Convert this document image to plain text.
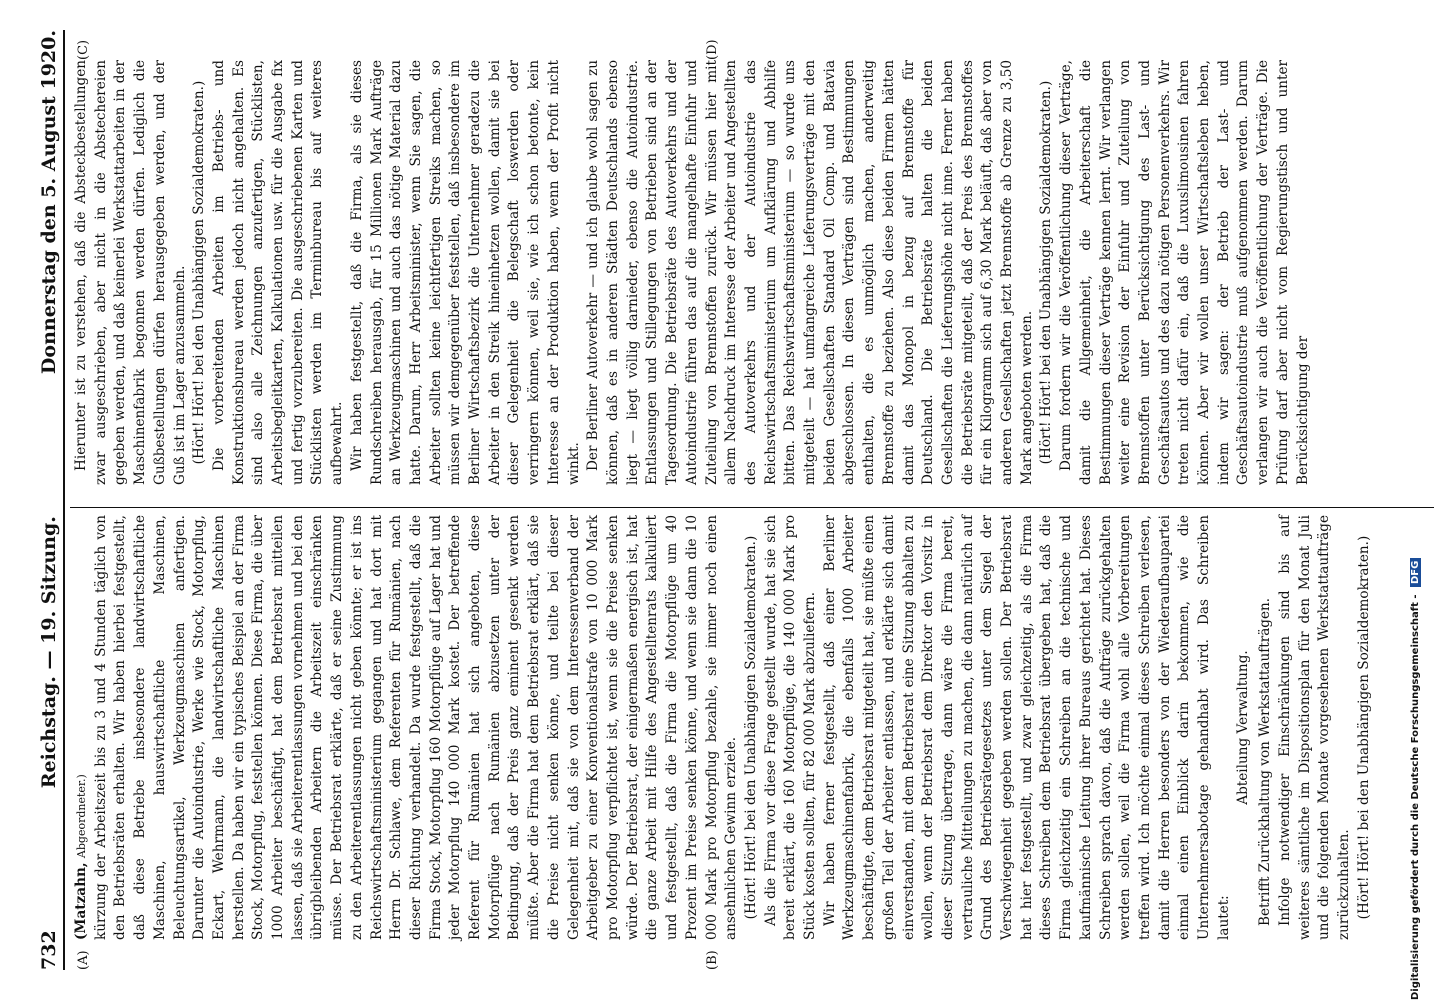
732
Reichstag. — 19. Sitzung.
Donnerstag den 5. August 1920.
(A)	(B)
(C)	(D)

(Matzahn, Abgeordneter.) kürzung der Arbeitszeit bis zu 3 und 4 Stunden täglich von den Betriebsräten erhalten. Wir haben hierbei festgestellt, daß diese Betriebe insbesondere landwirtschaftliche Maschinen, hauswirtschaftliche Maschinen, Beleuchtungsartikel, Werkzeugmaschinen anfertigen. Darunter die Autoindustrie, Werke wie Stock, Motorpflug, Eckart, Wehrmann, die landwirtschaftliche Maschinen herstellen. Da haben wir ein typisches Beispiel an der Firma Stock, Motorpflug, feststellen können. Diese Firma, die über 1000 Arbeiter beschäftigt, hat dem Betriebsrat mitteilen lassen, daß sie Arbeiterentlassungen vornehmen und bei den übrigbleibenden Arbeitern die Arbeitszeit einschränken müsse. Der Betriebsrat erklärte, daß er seine Zustimmung zu den Arbeiterentlassungen nicht geben könnte; er ist ins Reichswirtschaftsministerium gegangen und hat dort mit Herrn Dr. Schlawe, dem Referenten für Rumänien, nach dieser Richtung verhandelt. Da wurde festgestellt, daß die Firma Stock, Motorpflug 160 Motorpflüge auf Lager hat und jeder Motorpflug 140 000 Mark kostet. Der betreffende Referent für Rumänien hat sich angeboten, diese Motorpflüge nach Rumänien abzusetzen unter der Bedingung, daß der Preis ganz eminent gesenkt werden müßte. Aber die Firma hat dem Betriebsrat erklärt, daß sie die Preise nicht senken könne, und teilte bei dieser Gelegenheit mit, daß sie von dem Interessenverband der Arbeitgeber zu einer Konventionalstrafe von 10 000 Mark pro Motorpflug verpflichtet ist, wenn sie die Preise senken würde. Der Betriebsrat, der einigermaßen energisch ist, hat die ganze Arbeit mit Hilfe des Angestelltenrats kalkuliert und festgestellt, daß die Firma die Motorpflüge um 40 Prozent im Preise senken könne, und wenn sie dann die 10 000 Mark pro Motorpflug bezahle, sie immer noch einen ansehnlichen Gewinn erziele. (Hört! Hört! bei den Unabhängigen Sozialdemokraten.) Als die Firma vor diese Frage gestellt wurde, hat sie sich bereit erklärt, die 160 Motorpflüge, die 140 000 Mark pro Stück kosten sollten, für 82 000 Mark abzuliefern. Wir haben ferner festgestellt, daß einer Berliner Werkzeugmaschinenfabrik, die ebenfalls 1000 Arbeiter beschäftigte, dem Betriebsrat mitgeteilt hat, sie müßte einen großen Teil der Arbeiter entlassen, und erklärte sich damit einverstanden, mit dem Betriebsrat eine Sitzung abhalten zu wollen, wenn der Betriebsrat dem Direktor den Vorsitz in dieser Sitzung übertrage, dann wäre die Firma bereit, vertrauliche Mitteilungen zu machen, die dann natürlich auf Grund des Betriebsrätegesetzes unter dem Siegel der Verschwiegenheit gegeben werden sollen. Der Betriebsrat hat hier festgestellt, und zwar gleichzeitig, als die Firma dieses Schreiben dem Betriebsrat übergeben hat, daß die Firma gleichzeitig ein Schreiben an die technische und kaufmännische Leitung ihrer Bureaus gerichtet hat. Dieses Schreiben sprach davon, daß die Aufträge zurückgehalten werden sollen, weil die Firma wohl alle Vorbereitungen treffen wird. Ich möchte einmal dieses Schreiben verlesen, damit die Herren besonders von der Wiederaufbaupartei einmal einen Einblick darin bekommen, wie die Unternehmersabotage gehandhabt wird. Das Schreiben lautet:

Abteilung Verwaltung. Betrifft Zurückhaltung von Werkstattaufträgen. Infolge notwendiger Einschränkungen sind bis auf weiteres sämtliche im Dispositionsplan für den Monat Juli und die folgenden Monate vorgesehenen Werkstattaufträge zurückzuhalten. (Hört! Hört! bei den Unabhängigen Sozialdemokraten.)

Hierunter ist zu verstehen, daß die Absteckbestellungen zwar ausgeschrieben, aber nicht in die Abstechereien gegeben werden, und daß keinerlei Werkstattarbeiten in der Maschinenfabrik begonnen werden dürfen. Lediglich die Gußbestellungen dürfen herausgegeben werden, und der Guß ist im Lager anzusammeln. (Hört! Hört! bei den Unabhängigen Sozialdemokraten.) Die vorbereitenden Arbeiten im Betriebs- und Konstruktionsbureau werden jedoch nicht angehalten. Es sind also alle Zeichnungen anzufertigen, Stücklisten, Arbeitsbegleitkarten, Kalkulationen usw. für die Ausgabe fix und fertig vorzubereiten. Die ausgeschriebenen Karten und Stücklisten werden im Terminbureau bis auf weiteres aufbewahrt. Wir haben festgestellt, daß die Firma, als sie dieses Rundschreiben herausgab, für 15 Millionen Mark Aufträge an Werkzeugmaschinen und auch das nötige Material dazu hatte. Darum, Herr Arbeitsminister, wenn Sie sagen, die Arbeiter sollten keine leichtfertigen Streiks machen, so müssen wir demgegenüber feststellen, daß insbesondere im Berliner Wirtschaftsbezirk die Unternehmer geradezu die Arbeiter in den Streik hineinhetzen wollen, damit sie bei dieser Gelegenheit die Belegschaft loswerden oder verringern können, weil sie, wie ich schon betonte, kein Interesse an der Produktion haben, wenn der Profit nicht winkt. Der Berliner Autoverkehr — und ich glaube wohl sagen zu können, daß es in anderen Städten Deutschlands ebenso liegt — liegt völlig darnieder, ebenso die Autoindustrie. Entlassungen und Stillegungen von Betrieben sind an der Tagesordnung. Die Betriebsräte des Autoverkehrs und der Autoindustrie führen das auf die mangelhafte Einfuhr und Zuteilung von Brennstoffen zurück. Wir müssen hier mit allem Nachdruck im Interesse der Arbeiter und Angestellten des Autoverkehrs und der Autoindustrie das Reichswirtschaftsministerium um Aufklärung und Abhilfe bitten. Das Reichswirtschaftsministerium — so wurde uns mitgeteilt — hat umfangreiche Lieferungsverträge mit den beiden Gesellschaften Standard Oil Comp. und Batavia abgeschlossen. In diesen Verträgen sind Bestimmungen enthalten, die es unmöglich machen, anderweitig Brennstoffe zu beziehen. Also diese beiden Firmen hätten damit das Monopol in bezug auf Brennstoffe für Deutschland. Die Betriebsräte halten die beiden Gesellschaften die Lieferungshöhe nicht inne. Ferner haben die Betriebsräte mitgeteilt, daß der Preis des Brennstoffes für ein Kilogramm sich auf 6,30 Mark beläuft, daß aber von anderen Gesellschaften jetzt Brennstoffe ab Grenze zu 3,50 Mark angeboten werden. (Hört! Hört! bei den Unabhängigen Sozialdemokraten.) Darum fordern wir die Veröffentlichung dieser Verträge, damit die Allgemeinheit, die Arbeiterschaft die Bestimmungen dieser Verträge kennen lernt. Wir verlangen weiter eine Revision der Einfuhr und Zuteilung von Brennstoffen unter Berücksichtigung des Last- und Geschäftsautos und des dazu nötigen Personenverkehrs. Wir treten nicht dafür ein, daß die Luxuslimousinen fahren können. Aber wir wollen unser Wirtschaftsleben heben, indem wir sagen: der Betrieb der Last- und Geschäftsautoindustrie muß aufgenommen werden. Darum verlangen wir auch die Veröffentlichung der Verträge. Die Prüfung darf aber nicht vom Regierungstisch und unter Berücksichtigung der

Digitalisierung gefördert durch die Deutsche Forschungsgemeinschaft - DFG
